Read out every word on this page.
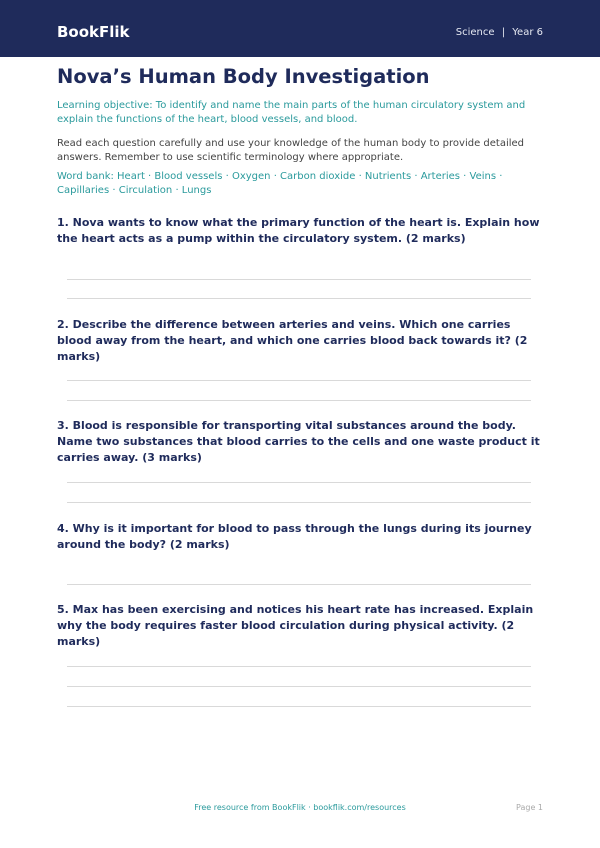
BookFlik	Science | Year 6
Nova’s Human Body Investigation

Learning objective: To identify and name the main parts of the human circulatory system and explain the functions of the heart, blood vessels, and blood.

Read each question carefully and use your knowledge of the human body to provide detailed answers. Remember to use scientific terminology where appropriate.

Word bank: Heart · Blood vessels · Oxygen · Carbon dioxide · Nutrients · Arteries · Veins · Capillaries · Circulation · Lungs

1. Nova wants to know what the primary function of the heart is. Explain how the heart acts as a pump within the circulatory system. (2 marks)

2. Describe the difference between arteries and veins. Which one carries blood away from the heart, and which one carries blood back towards it? (2 marks)

3. Blood is responsible for transporting vital substances around the body. Name two substances that blood carries to the cells and one waste product it carries away. (3 marks)

4. Why is it important for blood to pass through the lungs during its journey around the body? (2 marks)

5. Max has been exercising and notices his heart rate has increased. Explain why the body requires faster blood circulation during physical activity. (2 marks)

Free resource from BookFlik · bookflik.com/resources	Page 1
